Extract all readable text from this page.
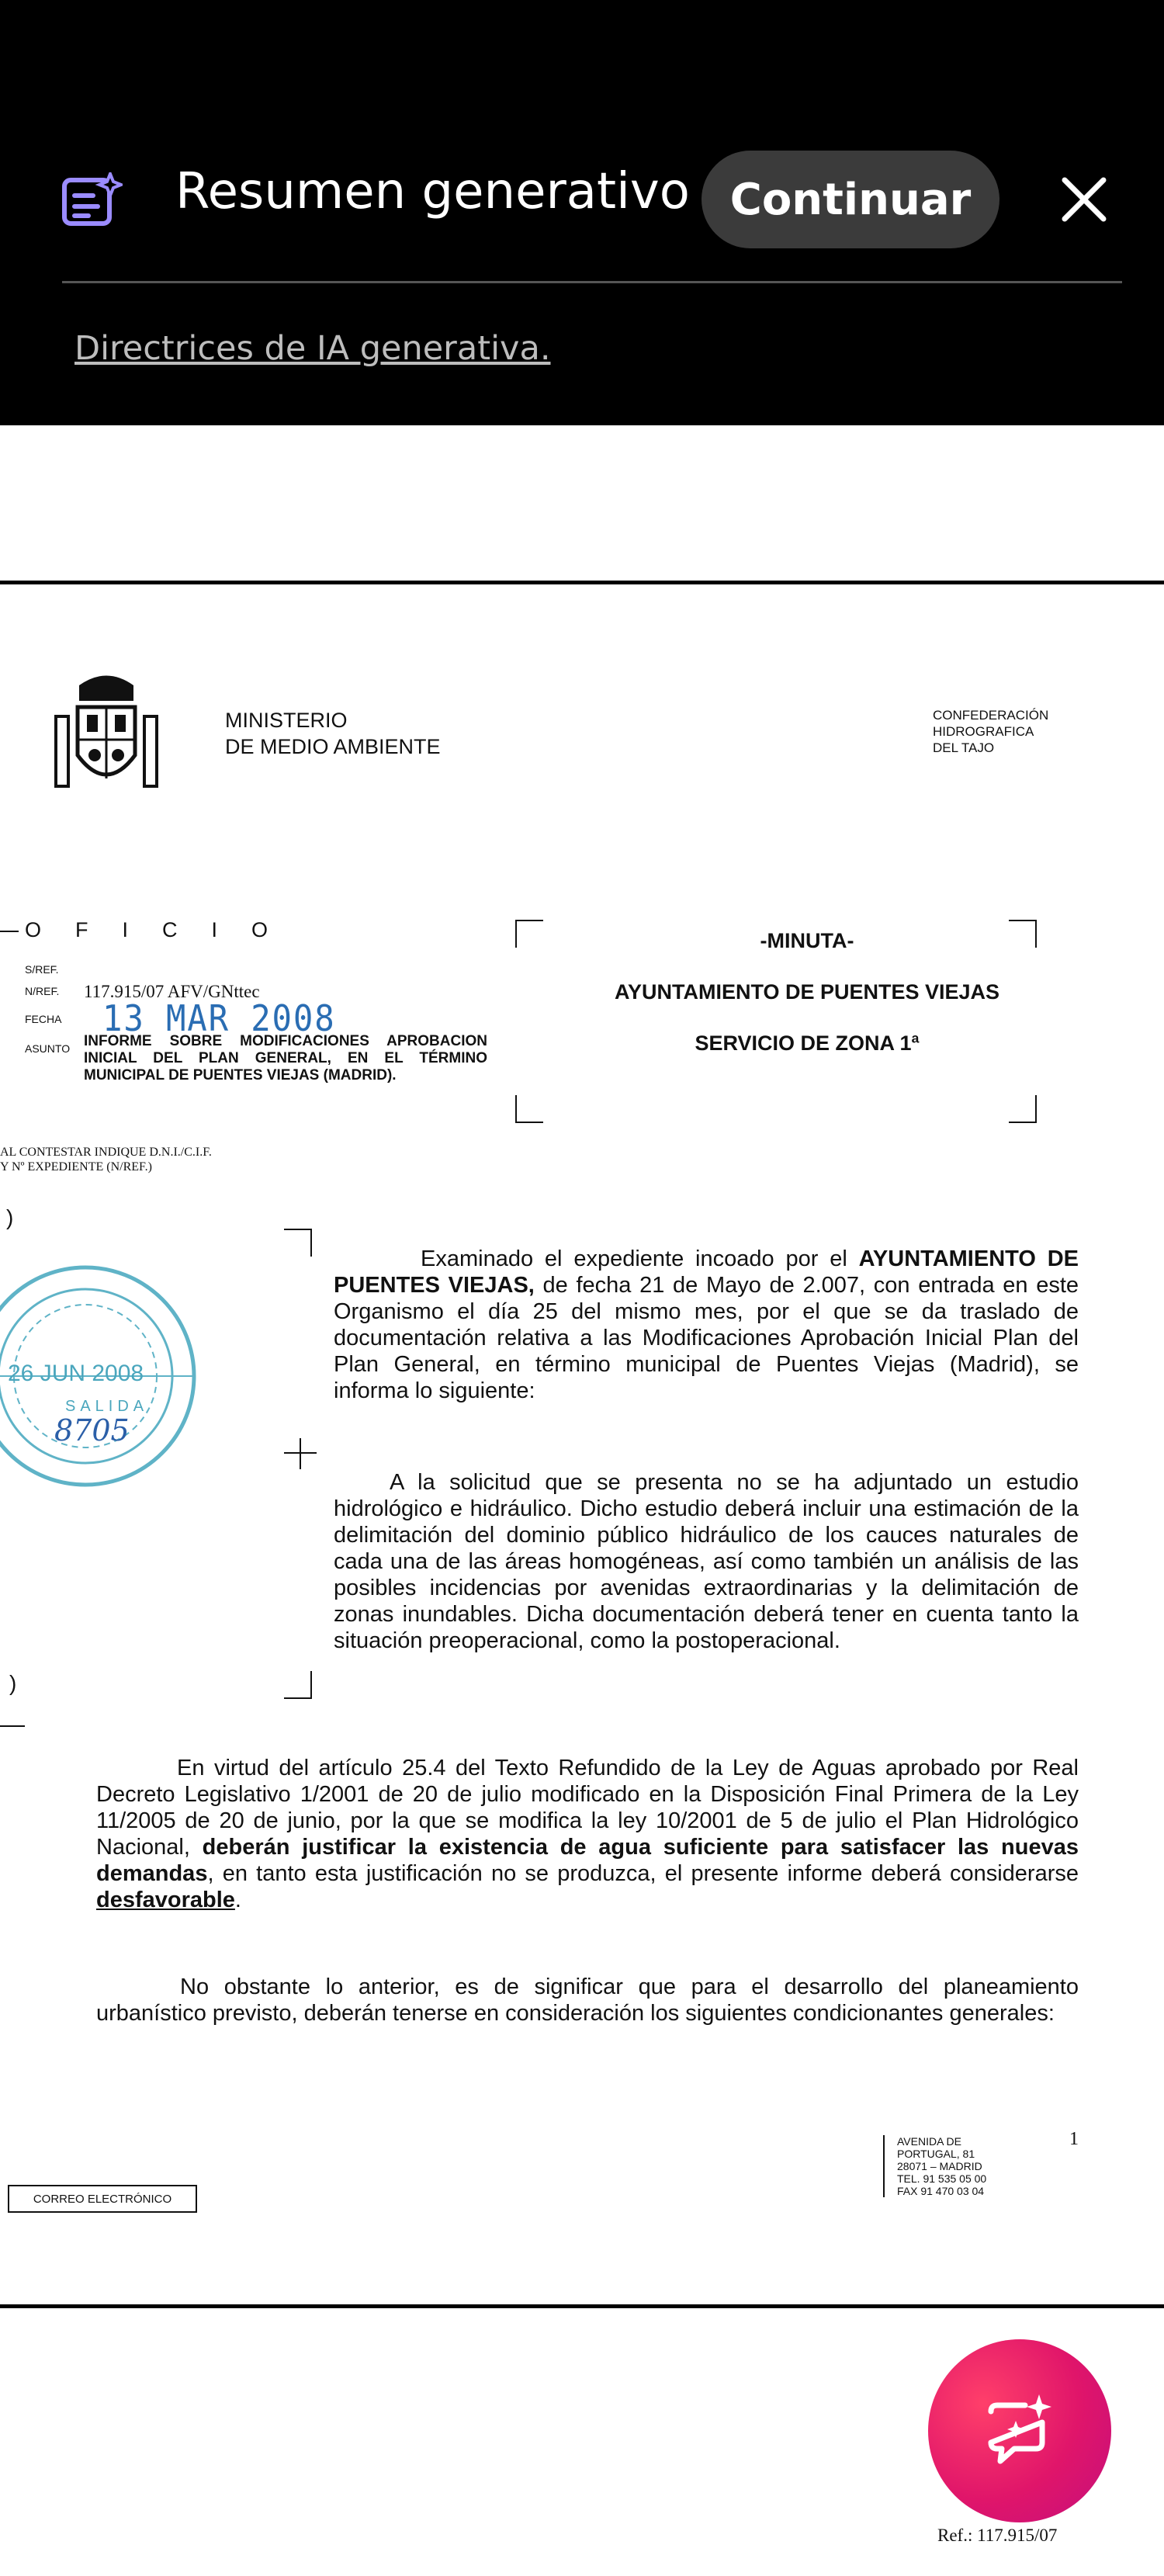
Resumen generativo Continuar
Directrices de IA generativa.
MINISTERIO
DE MEDIO AMBIENTE
CONFEDERACIÓN
HIDROGRAFICA
DEL TAJO
OFICIO
S/REF.
N/REF. 117.915/07 AFV/GNttec
FECHA 13 MAR 2008
ASUNTO INFORME SOBRE MODIFICACIONES APROBACION INICIAL DEL PLAN GENERAL, EN EL TÉRMINO MUNICIPAL DE PUENTES VIEJAS (MADRID).
AL CONTESTAR INDIQUE D.N.I./C.I.F.
Y Nº EXPEDIENTE (N/REF.)
-MINUTA-
AYUNTAMIENTO DE PUENTES VIEJAS
SERVICIO DE ZONA 1ª
)
)
26 JUN 2008
SALIDA
8705
Examinado el expediente incoado por el AYUNTAMIENTO DE PUENTES VIEJAS, de fecha 21 de Mayo de 2.007, con entrada en este Organismo el día 25 del mismo mes, por el que se da traslado de documentación relativa a las Modificaciones Aprobación Inicial Plan del Plan General, en término municipal de Puentes Viejas (Madrid), se informa lo siguiente:
A la solicitud que se presenta no se ha adjuntado un estudio hidrológico e hidráulico. Dicho estudio deberá incluir una estimación de la delimitación del dominio público hidráulico de los cauces naturales de cada una de las áreas homogéneas, así como también un análisis de las posibles incidencias por avenidas extraordinarias y la delimitación de zonas inundables. Dicha documentación deberá tener en cuenta tanto la situación preoperacional, como la postoperacional.
En virtud del artículo 25.4 del Texto Refundido de la Ley de Aguas aprobado por Real Decreto Legislativo 1/2001 de 20 de julio modificado en la Disposición Final Primera de la Ley 11/2005 de 20 de junio, por la que se modifica la ley 10/2001 de 5 de julio el Plan Hidrológico Nacional, deberán justificar la existencia de agua suficiente para satisfacer las nuevas demandas, en tanto esta justificación no se produzca, el presente informe deberá considerarse desfavorable.
No obstante lo anterior, es de significar que para el desarrollo del planeamiento urbanístico previsto, deberán tenerse en consideración los siguientes condicionantes generales:
1
AVENIDA DE
PORTUGAL, 81
28071 – MADRID
TEL. 91 535 05 00
FAX 91 470 03 04
CORREO ELECTRÓNICO
Ref.: 117.915/07
